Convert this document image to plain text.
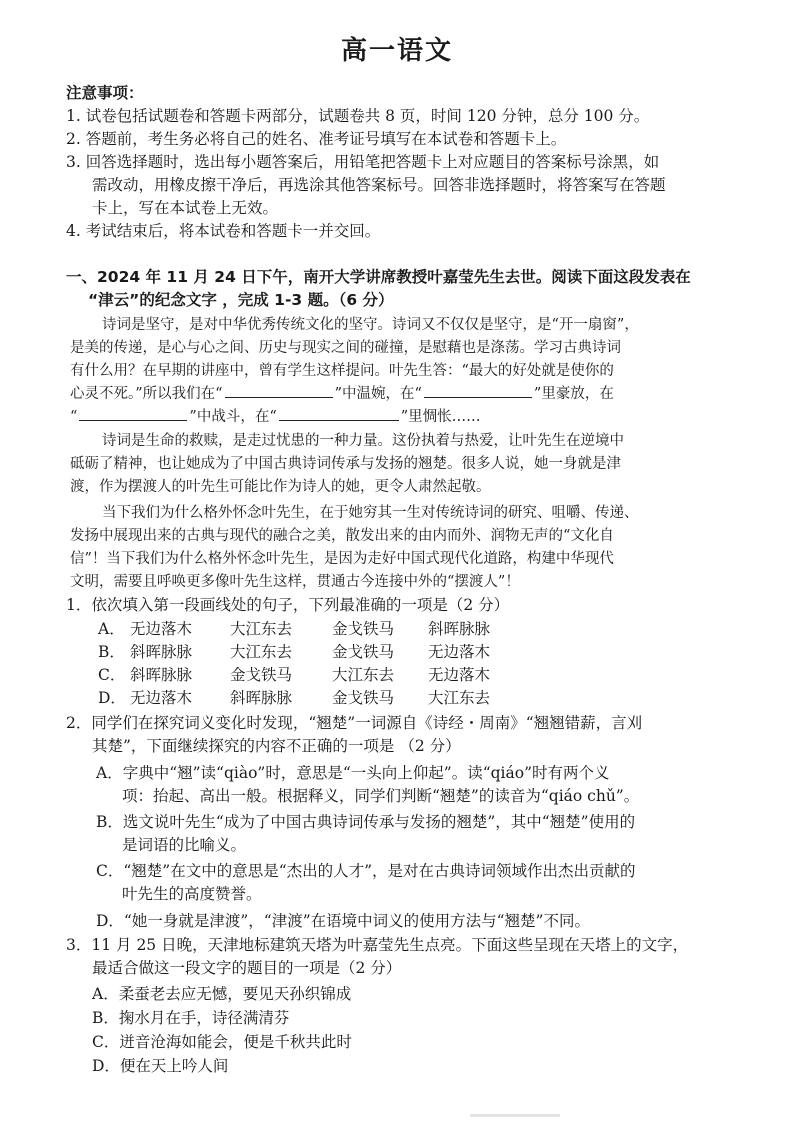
高一语文
注意事项：
1. 试卷包括试题卷和答题卡两部分，试题卷共 8 页，时间 120 分钟，总分 100 分。
2. 答题前，考生务必将自己的姓名、准考证号填写在本试卷和答题卡上。
3. 回答选择题时，选出每小题答案后，用铅笔把答题卡上对应题目的答案标号涂黑，如
需改动，用橡皮擦干净后，再选涂其他答案标号。回答非选择题时，将答案写在答题
卡上，写在本试卷上无效。
4. 考试结束后，将本试卷和答题卡一并交回。
一、2024 年 11 月 24 日下午，南开大学讲席教授叶嘉莹先生去世。阅读下面这段发表在
“津云”的纪念文字 ，完成 1-3 题。（6 分）
诗词是坚守，是对中华优秀传统文化的坚守。诗词又不仅仅是坚守，是“开一扇窗”，
是美的传递，是心与心之间、历史与现实之间的碰撞，是慰藉也是涤荡。学习古典诗词
有什么用？在早期的讲座中，曾有学生这样提问。叶先生答：“最大的好处就是使你的
心灵不死。”所以我们在“	”中温婉，在“	”里豪放，在
“	”中战斗，在“	”里惆怅……
诗词是生命的救赎，是走过忧患的一种力量。这份执着与热爱，让叶先生在逆境中
砥砺了精神，也让她成为了中国古典诗词传承与发扬的翘楚。很多人说，她一身就是津
渡，作为摆渡人的叶先生可能比作为诗人的她，更令人肃然起敬。
当下我们为什么格外怀念叶先生，在于她穷其一生对传统诗词的研究、咀嚼、传递、
发扬中展现出来的古典与现代的融合之美，散发出来的由内而外、润物无声的“文化自
信”！当下我们为什么格外怀念叶先生，是因为走好中国式现代化道路，构建中华现代
文明，需要且呼唤更多像叶先生这样，贯通古今连接中外的“摆渡人”！
1．依次填入第一段画线处的句子，下列最准确的一项是（2 分）
A． 无边落木 大江东去	金戈铁马 斜晖脉脉
B． 斜晖脉脉 大江东去	金戈铁马 无边落木
C． 斜晖脉脉 金戈铁马	大江东去 无边落木
D． 无边落木 斜晖脉脉	金戈铁马 大江东去
2．同学们在探究词义变化时发现，“翘楚”一词源自《诗经・周南》“翘翘错薪，言刈
其楚”，下面继续探究的内容不正确的一项是 （2 分）
A．字典中“翘”读“qiào”时，意思是“一头向上仰起”。读“qiáo”时有两个义
项：抬起、高出一般。根据释义，同学们判断“翘楚”的读音为“qiáo chǔ”。
B．选文说叶先生“成为了中国古典诗词传承与发扬的翘楚”，其中“翘楚”使用的
是词语的比喻义。
C．“翘楚”在文中的意思是“杰出的人才”，是对在古典诗词领域作出杰出贡献的
叶先生的高度赞誉。
D．“她一身就是津渡”，“津渡”在语境中词义的使用方法与“翘楚”不同。
3．11 月 25 日晚，天津地标建筑天塔为叶嘉莹先生点亮。下面这些呈现在天塔上的文字，
最适合做这一段文字的题目的一项是（2 分）
A．柔蚕老去应无憾，要见天孙织锦成
B．掬水月在手，诗径满清芬
C．迸音沧海如能会，便是千秋共此时
D．便在天上吟人间
